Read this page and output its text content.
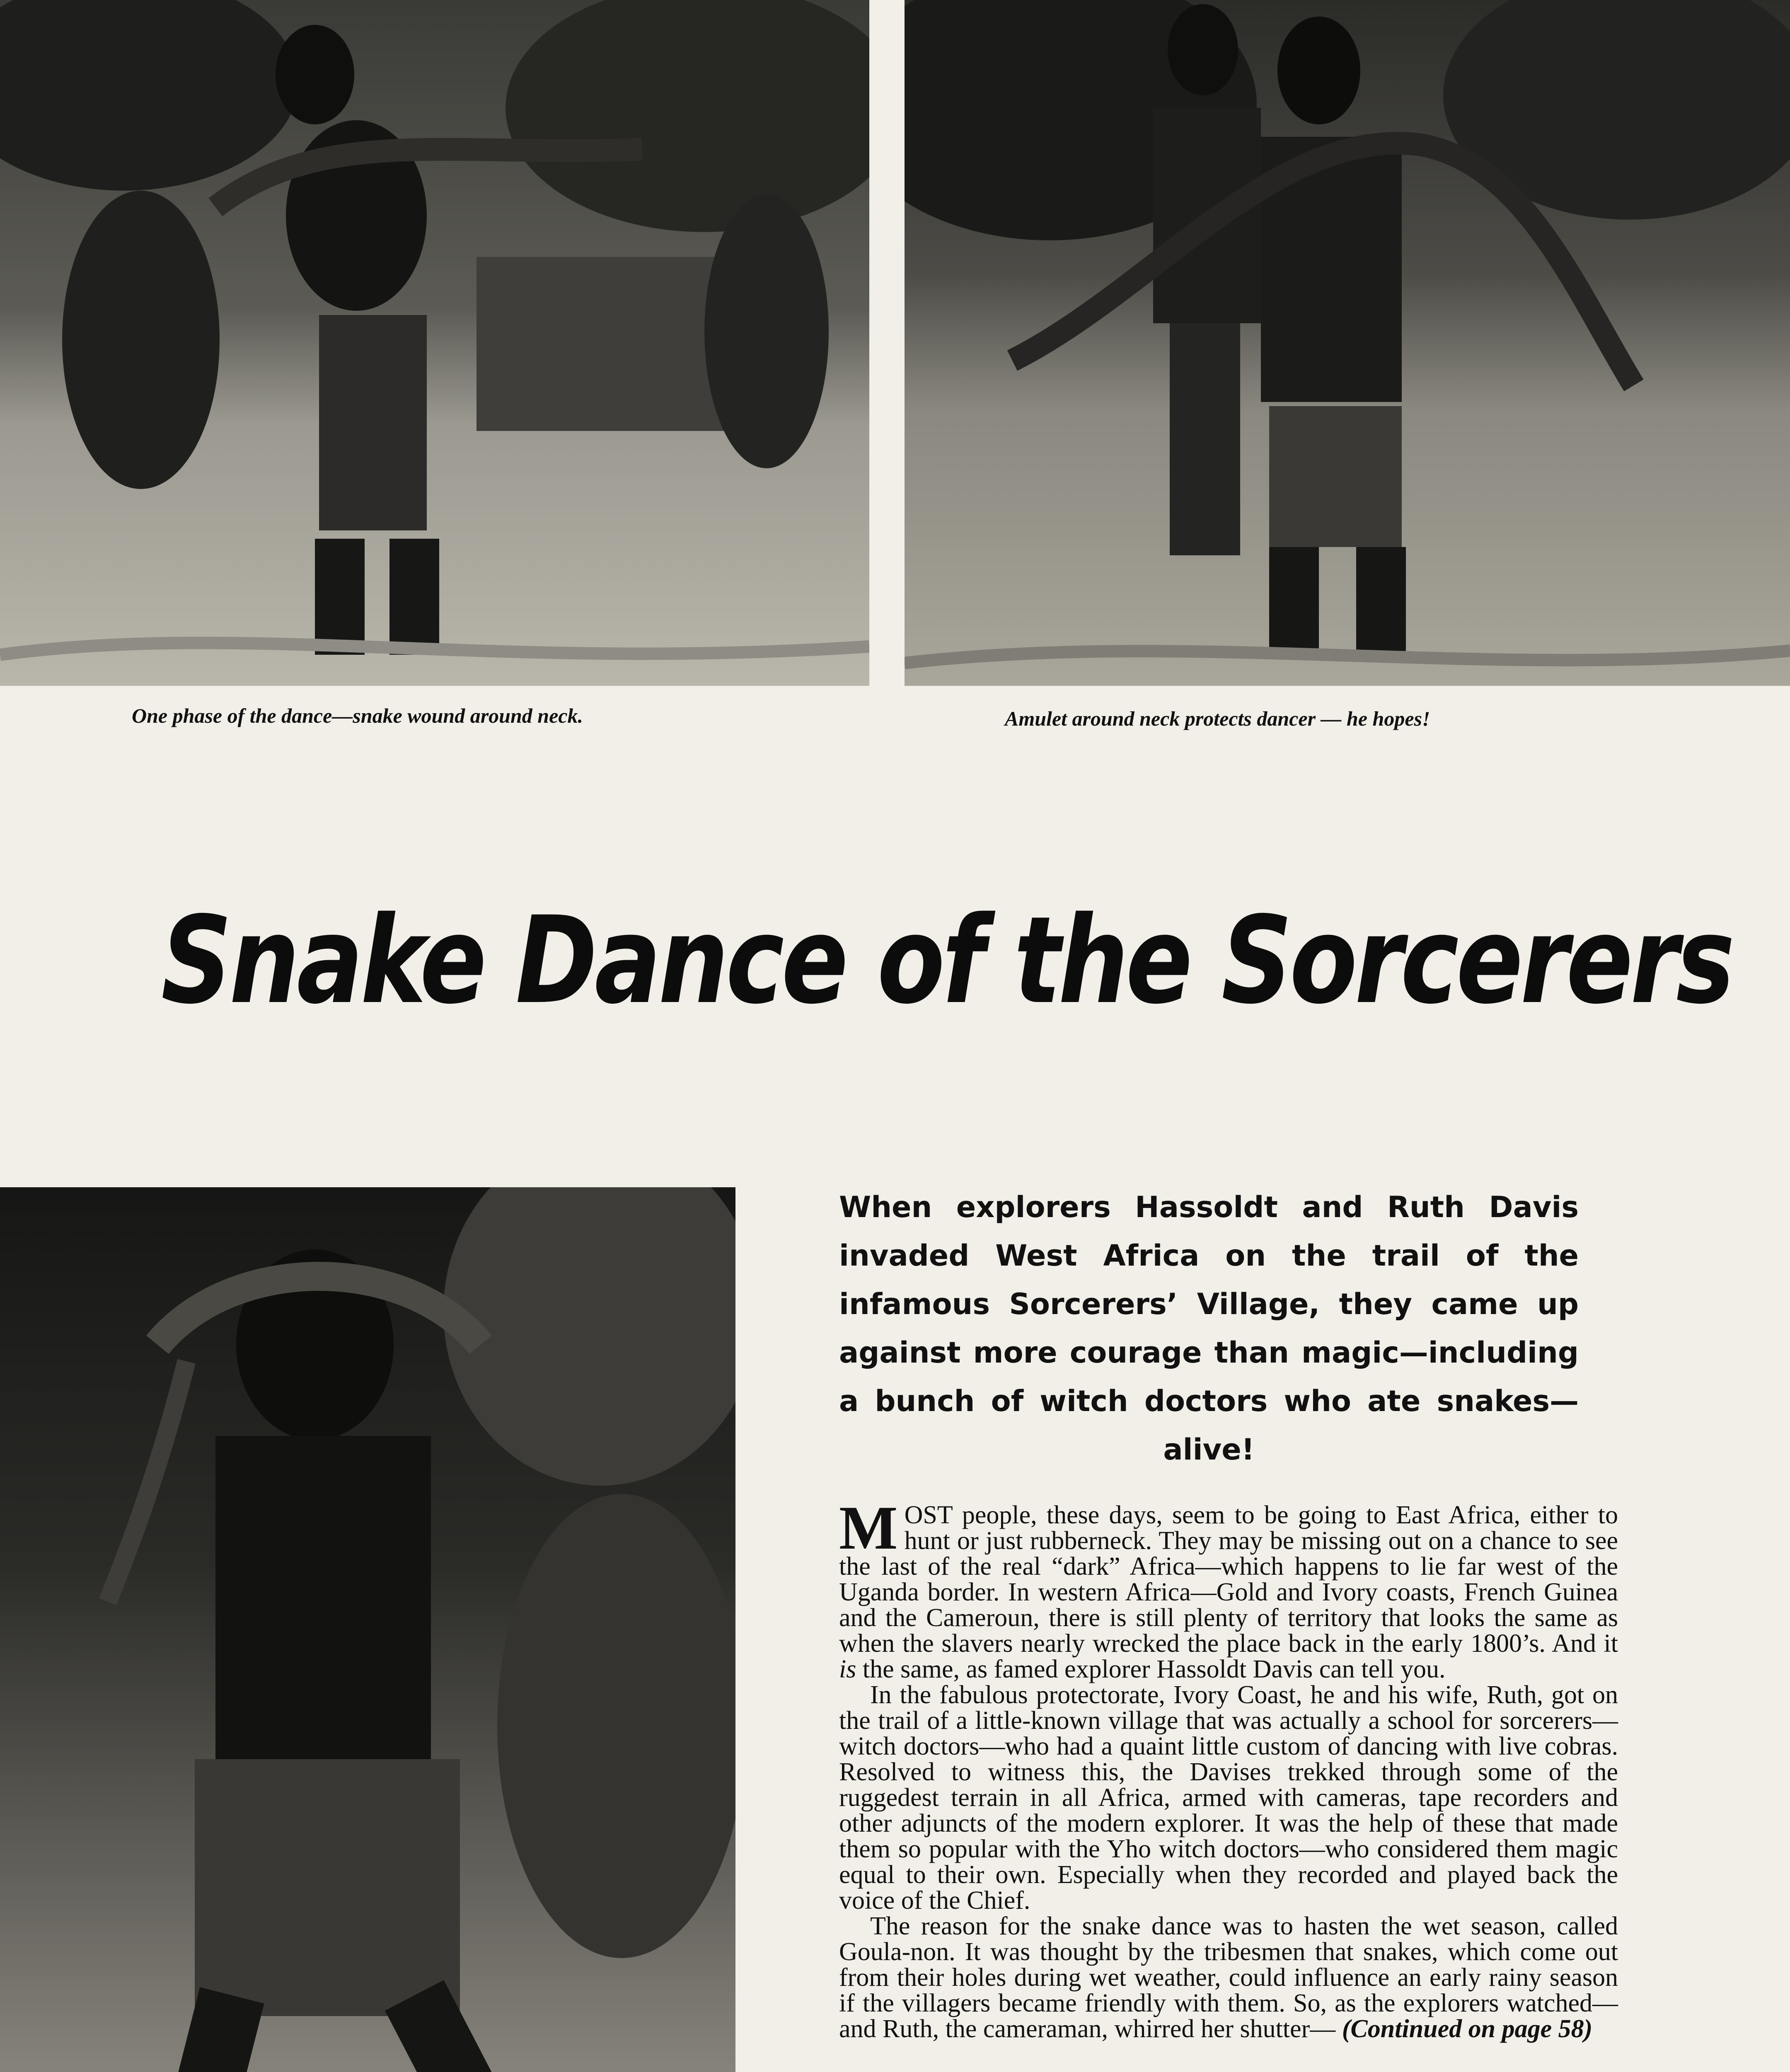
One phase of the dance—snake wound around neck.	Amulet around neck protects dancer — he hopes!
Snake Dance of the Sorcerers
When explorers Hassoldt and Ruth Davis invaded West Africa on the trail of the infamous Sorcerers’ Village, they came up against more courage than magic—including a bunch of witch doctors who ate snakes—alive!

MOST people, these days, seem to be going to East Africa, either to hunt or just rubberneck. They may be missing out on a chance to see the last of the real “dark” Africa—which happens to lie far west of the Uganda border. In western Africa—Gold and Ivory coasts, French Guinea and the Cameroun, there is still plenty of territory that looks the same as when the slavers nearly wrecked the place back in the early 1800’s. And it is the same, as famed explorer Hassoldt Davis can tell you.

In the fabulous protectorate, Ivory Coast, he and his wife, Ruth, got on the trail of a little-known village that was actually a school for sorcerers—witch doctors—who had a quaint little custom of dancing with live cobras. Resolved to witness this, the Davises trekked through some of the ruggedest terrain in all Africa, armed with cameras, tape recorders and other adjuncts of the modern explorer. It was the help of these that made them so popular with the Yho witch doctors—who considered them magic equal to their own. Especially when they recorded and played back the voice of the Chief.

The reason for the snake dance was to hasten the wet season, called Goula-non. It was thought by the tribesmen that snakes, which come out from their holes during wet weather, could influence an early rainy season if the villagers became friendly with them. So, as the explorers watched—and Ruth, the cameraman, whirred her shutter— (Continued on page 58)
